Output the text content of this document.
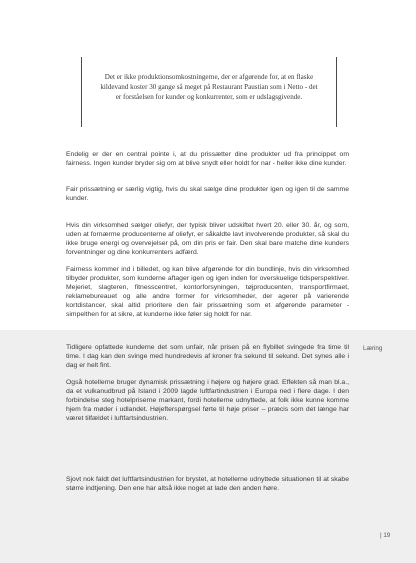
Det er ikke produktionsomkostningerne, der er afgørende for, at en flaske kildevand koster 30 gange så meget på Restaurant Paustian som i Netto - det er forståelsen for kunder og konkurrenter, som er udslagsgivende.
Endelig er der en central pointe i, at du prissætter dine produkter ud fra princippet om fairness. Ingen kunder bryder sig om at blive snydt eller holdt for nar - heller ikke dine kunder.
Fair prissætning er særlig vigtig, hvis du skal sælge dine produkter igen og igen til de samme kunder.
Hvis din virksomhed sælger oliefyr, der typisk bliver udskiftet hvert 20. eller 30. år, og som, uden at fornærme producenterne af oliefyr, er såkaldte lavt involverende produkter, så skal du ikke bruge energi og overvejelser på, om din pris er fair. Den skal bare matche dine kunders forventninger og dine konkurrenters adfærd.
Fairness kommer ind i billedet, og kan blive afgørende for din bundlinje, hvis din virksomhed tilbyder produkter, som kunderne aftager igen og igen inden for overskuelige tidsperspektiver. Mejeriet, slagteren, fitnesscentret, kontorforsyningen, tøjproducenten, transportfirmaet, reklamebureauet og alle andre former for virksomheder, der agerer på varierende kortdistancer, skal altid prioritere den fair prissætning som et afgørende parameter - simpelthen for at sikre, at kunderne ikke føler sig holdt for nar.
Læring
Tidligere opfattede kunderne det som unfair, når prisen på en flybillet svingede fra time til time. I dag kan den svinge med hundredevis af kroner fra sekund til sekund. Det synes alle i dag er helt fint.
Også hotellerne bruger dynamisk prissætning i højere og højere grad. Effekten så man bl.a., da et vulkanudbrud på Island i 2009 lagde luftfartindustrien i Europa ned i flere dage. I den forbindelse steg hotelpriserne markant, fordi hotellerne udnyttede, at folk ikke kunne komme hjem fra møder i udlandet. Højefterspørgsel førte til høje priser – præcis som det længe har været tilfældet i luftfartsindustrien.
Sjovt nok faldt det luftfartsindustrien for brystet, at hotellerne udnyttede situationen til at skabe større indtjening. Den ene har altså ikke noget at lade den anden høre.
| 19
